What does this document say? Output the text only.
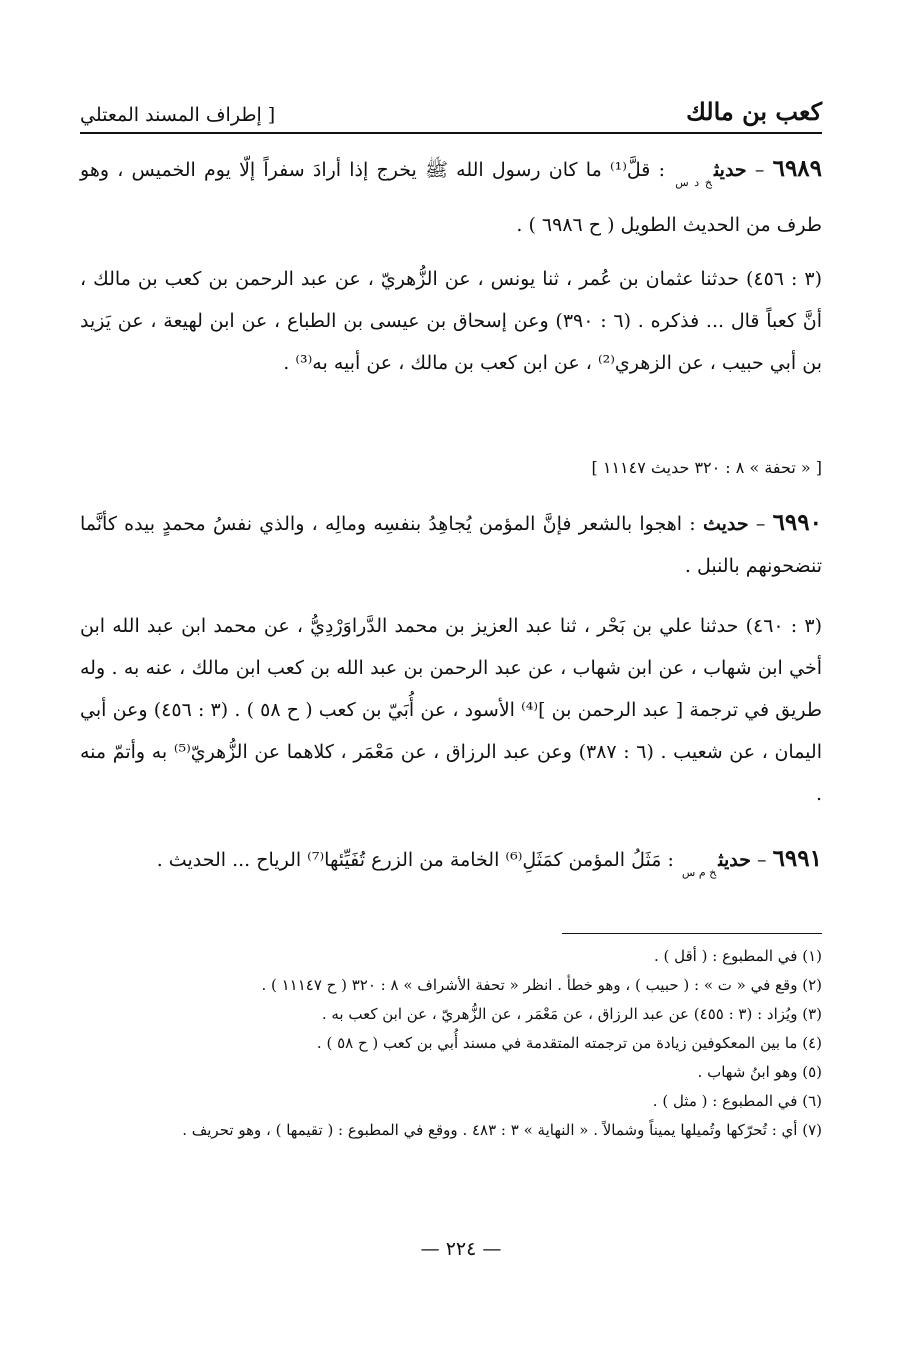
كعب بن مالك
[ إطراف المسند المعتلي
٦٩٨٩ – حديث$_{خ د س}$ : قلَّ⁽¹⁾ ما كان رسول الله ﷺ يخرج إذا أرادَ سفراً إلّا يوم الخميس ، وهو طرف من الحديث الطويل ( ح ٦٩٨٦ ) .
(٣ : ٤٥٦) حدثنا عثمان بن عُمر ، ثنا يونس ، عن الزُّهريّ ، عن عبد الرحمن بن كعب بن مالك ، أنَّ كعباً قال ... فذكره . (٦ : ٣٩٠) وعن إسحاق بن عيسى بن الطباع ، عن ابن لهيعة ، عن يَزيد بن أبي حبيب ، عن الزهري⁽²⁾ ، عن ابن كعب بن مالك ، عن أبيه به⁽³⁾ .
[ « تحفة » ٨ : ٣٢٠ حديث ١١١٤٧ ]
٦٩٩٠ – حديث : اهجوا بالشعر فإنَّ المؤمن يُجاهِدُ بنفسِه ومالِه ، والذي نفسُ محمدٍ بيده كأنَّما تنضحونهم بالنبل .
(٣ : ٤٦٠) حدثنا علي بن بَحْر ، ثنا عبد العزيز بن محمد الدَّراوَرْدِيُّ ، عن محمد ابن عبد الله ابن أخي ابن شهاب ، عن ابن شهاب ، عن عبد الرحمن بن عبد الله بن كعب ابن مالك ، عنه به . وله طريق في ترجمة [ عبد الرحمن بن ]⁽⁴⁾ الأسود ، عن أُبَيّ بن كعب ( ح ٥٨ ) . (٣ : ٤٥٦) وعن أبي اليمان ، عن شعيب . (٦ : ٣٨٧) وعن عبد الرزاق ، عن مَعْمَر ، كلاهما عن الزُّهريّ⁽⁵⁾ به وأتمّ منه .
٦٩٩١ – حديث$_{خ م س}$ : مَثَلُ المؤمن كمَثَلِ⁽⁶⁾ الخامة من الزرع تُفَيِّئها⁽⁷⁾ الرياح ... الحديث .

(١) في المطبوع : ( أقل ) .

(٢) وقع في « ت » : ( حبيب ) ، وهو خطأ . انظر « تحفة الأشراف » ٨ : ٣٢٠ ( ح ١١١٤٧ ) .

(٣) ويُزاد : (٣ : ٤٥٥) عن عبد الرزاق ، عن مَعْمَر ، عن الزُّهريّ ، عن ابن كعب به .

(٤) ما بين المعكوفين زيادة من ترجمته المتقدمة في مسند أُبي بن كعب ( ح ٥٨ ) .

(٥) وهو ابنُ شهاب .

(٦) في المطبوع : ( مثل ) .

(٧) أي : تُحرّكها وتُميلها يميناً وشمالاً . « النهاية » ٣ : ٤٨٣ . ووقع في المطبوع : ( تقيمها ) ، وهو تحريف .

— ٢٢٤ —
